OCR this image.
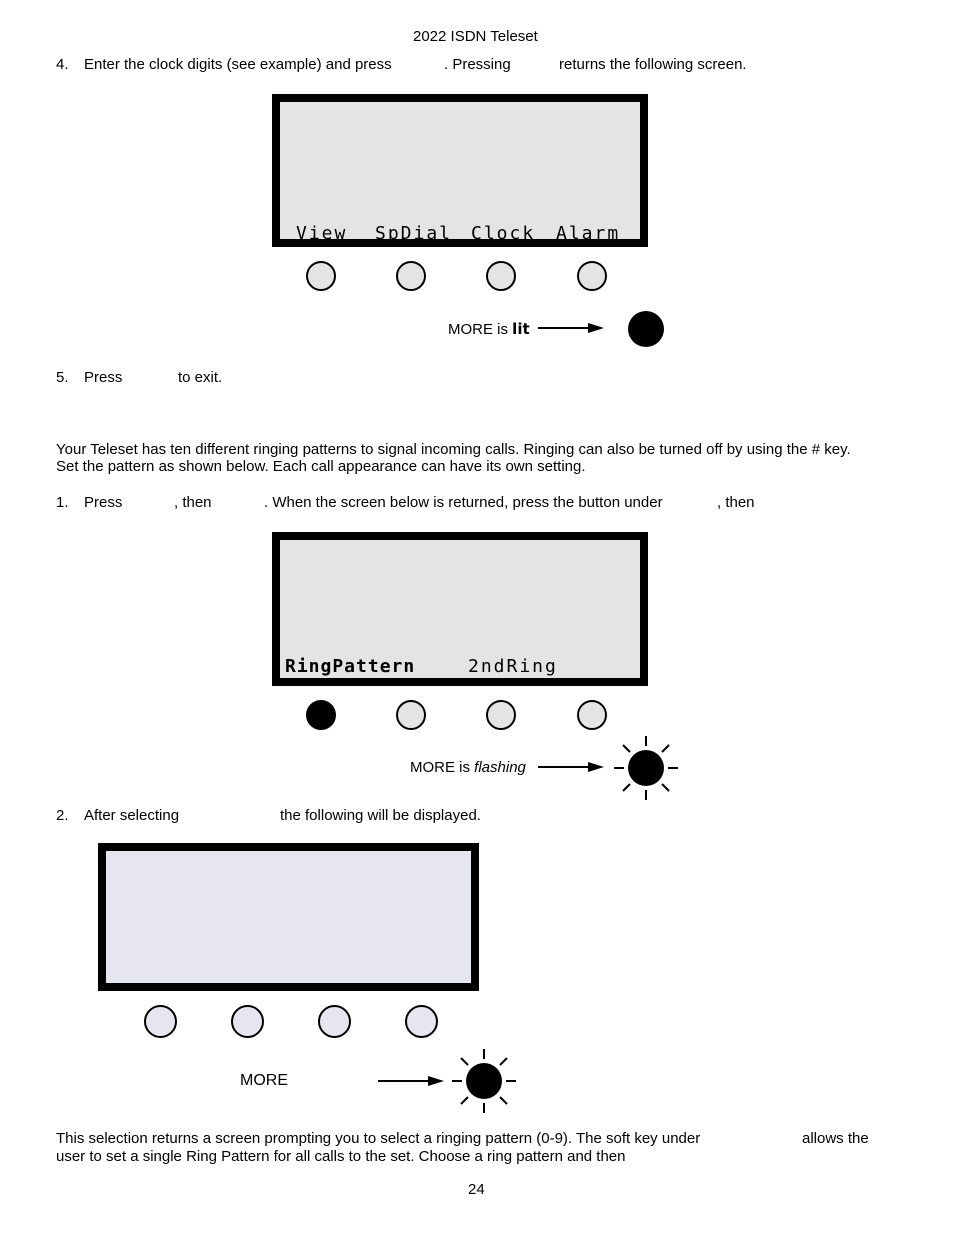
2022 ISDN Teleset
4. Enter the clock digits (see example) and press	. Pressing	returns the following screen.
View SpDial Clock Alarm
MORE is lit
5. Press	to exit.
Your Teleset has ten different ringing patterns to signal incoming calls. Ringing can also be turned off by using the # key.
Set the pattern as shown below. Each call appearance can have its own setting.
1. Press	, then	. When the screen below is returned, press the button under	, then
RingPattern	2ndRing
MORE is flashing
2. After selecting	the following will be displayed.
MORE
This selection returns a screen prompting you to select a ringing pattern (0-9). The soft key under	allows the
user to set a single Ring Pattern for all calls to the set. Choose a ring pattern and then
24
